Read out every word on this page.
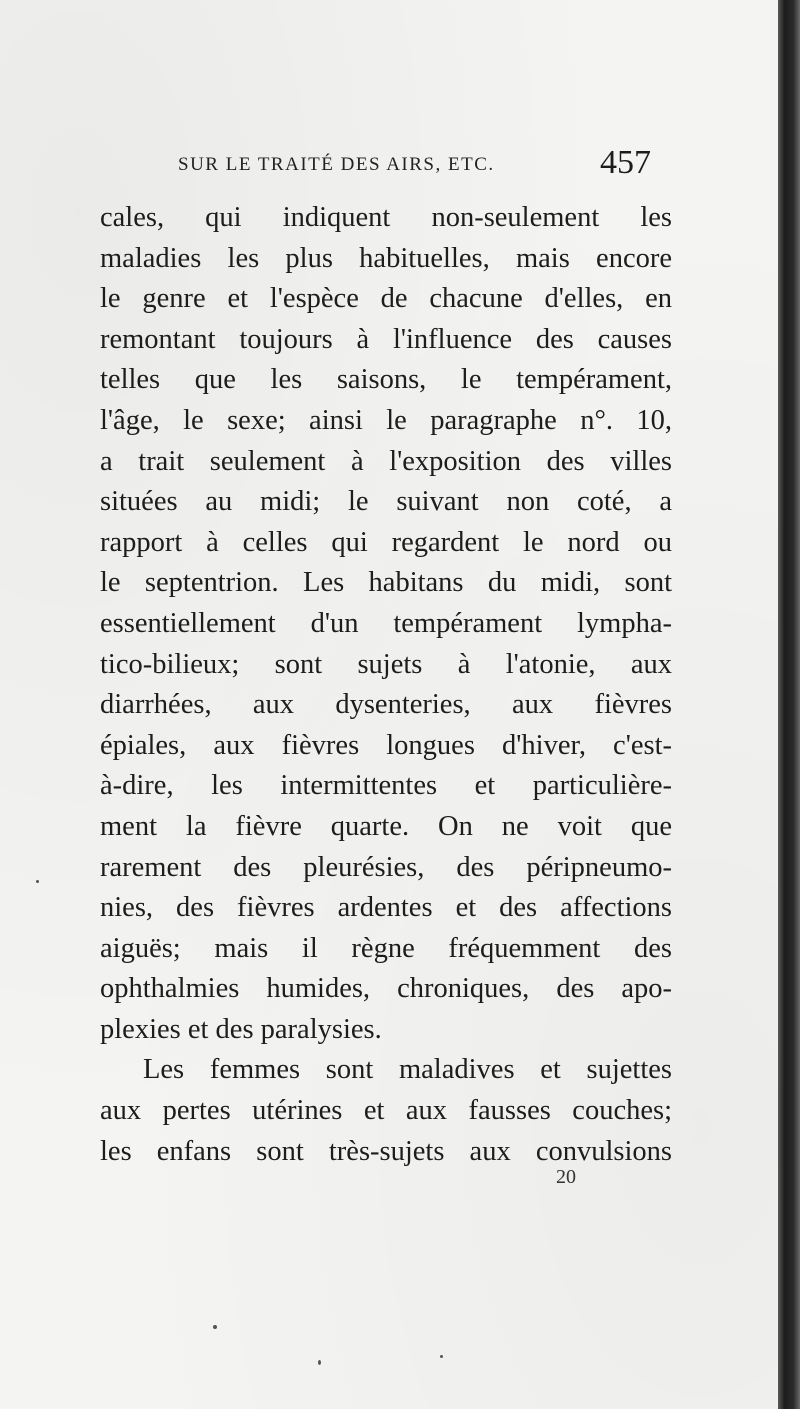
SUR LE TRAITÉ DES AIRS, ETC.	457
cales, qui indiquent non-seulement les
maladies les plus habituelles, mais encore
le genre et l'espèce de chacune d'elles, en
remontant toujours à l'influence des causes
telles que les saisons, le tempérament,
l'âge, le sexe; ainsi le paragraphe n°. 10,
a trait seulement à l'exposition des villes
situées au midi; le suivant non coté, a
rapport à celles qui regardent le nord ou
le septentrion. Les habitans du midi, sont
essentiellement d'un tempérament lympha-
tico-bilieux; sont sujets à l'atonie, aux
diarrhées, aux dysenteries, aux fièvres
épiales, aux fièvres longues d'hiver, c'est-
à-dire, les intermittentes et particulière-
ment la fièvre quarte. On ne voit que
rarement des pleurésies, des péripneumo-
nies, des fièvres ardentes et des affections
aiguës; mais il règne fréquemment des
ophthalmies humides, chroniques, des apo-
plexies et des paralysies.
Les femmes sont maladives et sujettes
aux pertes utérines et aux fausses couches;
les enfans sont très-sujets aux convulsions
20
